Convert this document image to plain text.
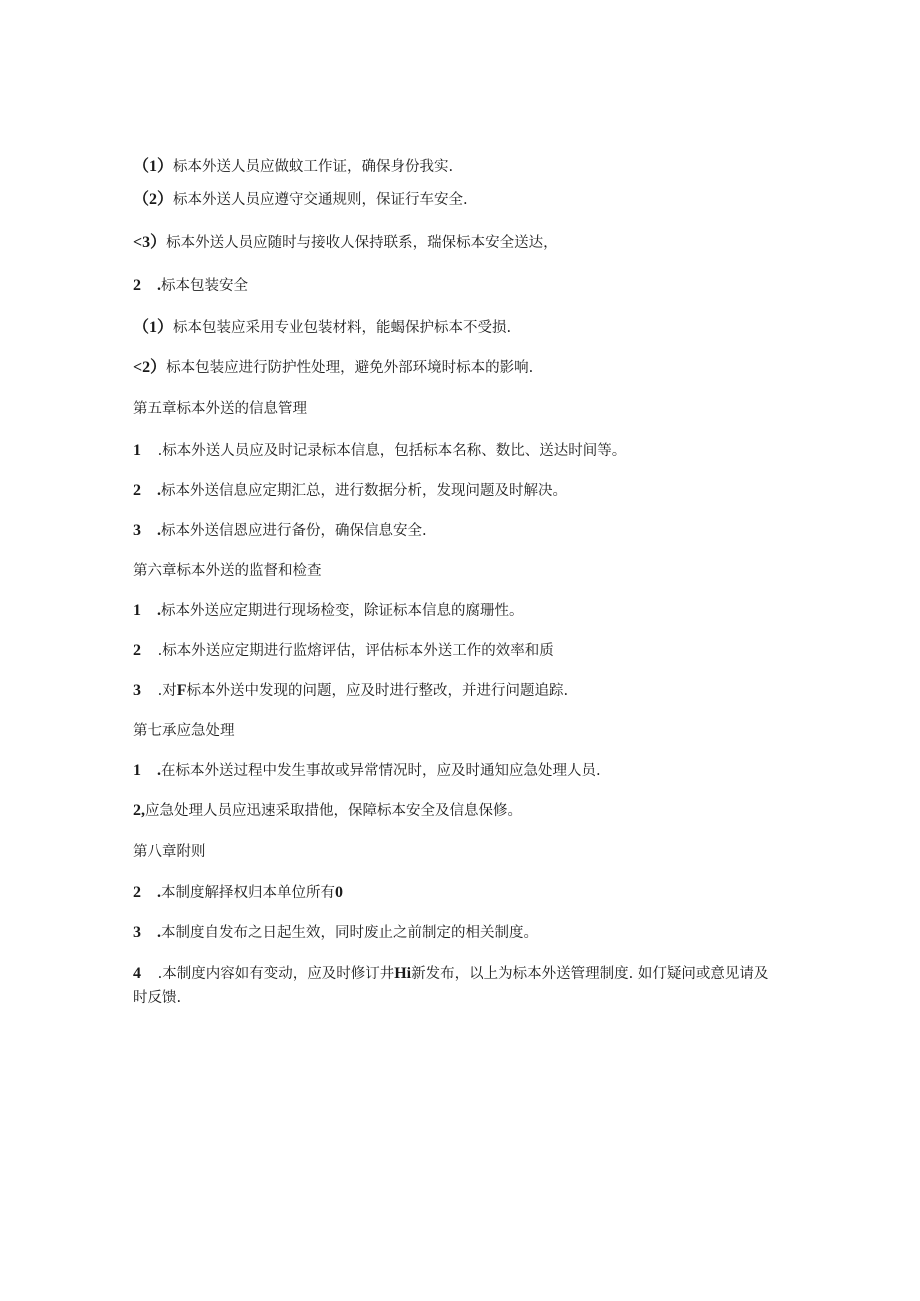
（1）标本外送人员应做蚊工作证，确保身份我实.
（2）标本外送人员应遵守交通规则，保证行车安全.
<3）标本外送人员应随时与接收人保持联系，瑞保标本安全送达，
2 .标本包装安全
（1）标本包装应采用专业包装材料，能蝎保护标本不受损.
<2）标本包装应进行防护性处理，避免外部环境时标本的影响.
第五章标本外送的信息管理
1 .标本外送人员应及时记录标本信息，包括标本名称、数比、送达时间等。
2 .标本外送信息应定期汇总，进行数据分析，发现问题及时解决。
3 .标本外送信恩应进行备份，确保信息安全.
第六章标本外送的监督和检查
1 .标本外送应定期进行现场检变，除证标本信息的腐珊性。
2 .标本外送应定期进行监熔评估，评估标本外送工作的效率和质
3 .对F标本外送中发现的问题，应及时进行整改，并进行问题追踪.
第七承应急处理
1 .在标本外送过程中发生事故或异常情况时，应及时通知应急处理人员.
2,应急处理人员应迅速采取措他，保障标本安全及信息保修。
第八章附则
2 .本制度解择权归本单位所有0
3 .本制度自发布之日起生效，同时废止之前制定的相关制度。
4 .本制度内容如有变动，应及时修订井Hi新发布，以上为标本外送管理制度. 如仃疑问或意见请及时反馈.
